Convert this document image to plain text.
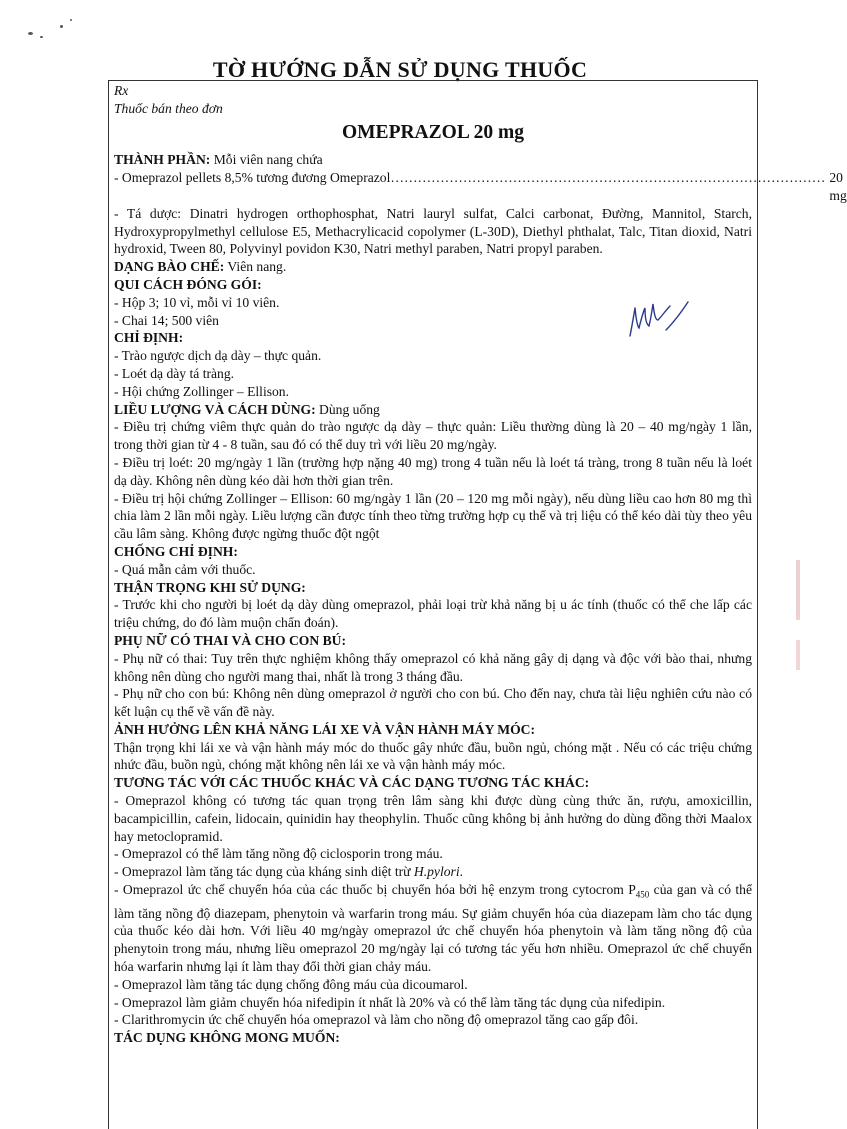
TỜ HƯỚNG DẪN SỬ DỤNG THUỐC
Rx
Thuốc bán theo đơn
OMEPRAZOL 20 mg
THÀNH PHẦN: Mỗi viên nang chứa
- Omeprazol pellets 8,5% tương đương Omeprazol…………………………………………………………………………………… 20 mg

- Tá dược: Dinatri hydrogen orthophosphat, Natri lauryl sulfat, Calci carbonat, Đường, Mannitol, Starch, Hydroxypropylmethyl cellulose E5, Methacrylicacid copolymer (L-30D), Diethyl phthalat, Talc, Titan dioxid, Natri hydroxid, Tween 80, Polyvinyl povidon K30, Natri methyl paraben, Natri propyl paraben.

DẠNG BÀO CHẾ: Viên nang.
QUI CÁCH ĐÓNG GÓI:

- Hộp 3; 10 vỉ, mỗi vỉ 10 viên.

- Chai 14; 500 viên

CHỈ ĐỊNH:

- Trào ngược dịch dạ dày – thực quản.

- Loét dạ dày tá tràng.

- Hội chứng Zollinger – Ellison.

LIỀU LƯỢNG VÀ CÁCH DÙNG: Dùng uống

- Điều trị chứng viêm thực quản do trào ngược dạ dày – thực quản: Liều thường dùng là 20 – 40 mg/ngày 1 lần, trong thời gian từ 4 - 8 tuần, sau đó có thể duy trì với liều 20 mg/ngày.

- Điều trị loét: 20 mg/ngày 1 lần (trường hợp nặng 40 mg) trong 4 tuần nếu là loét tá tràng, trong 8 tuần nếu là loét dạ dày. Không nên dùng kéo dài hơn thời gian trên.

- Điều trị hội chứng Zollinger – Ellison: 60 mg/ngày 1 lần (20 – 120 mg mỗi ngày), nếu dùng liều cao hơn 80 mg thì chia làm 2 lần mỗi ngày. Liều lượng cần được tính theo từng trường hợp cụ thể và trị liệu có thể kéo dài tùy theo yêu cầu lâm sàng. Không được ngừng thuốc đột ngột

CHỐNG CHỈ ĐỊNH:

- Quá mẫn cảm với thuốc.

THẬN TRỌNG KHI SỬ DỤNG:

- Trước khi cho người bị loét dạ dày dùng omeprazol, phải loại trừ khả năng bị u ác tính (thuốc có thể che lấp các triệu chứng, do đó làm muộn chẩn đoán).

PHỤ NỮ CÓ THAI VÀ CHO CON BÚ:

- Phụ nữ có thai: Tuy trên thực nghiệm không thấy omeprazol có khả năng gây dị dạng và độc với bào thai, nhưng không nên dùng cho người mang thai, nhất là trong 3 tháng đầu.

- Phụ nữ cho con bú: Không nên dùng omeprazol ở người cho con bú. Cho đến nay, chưa tài liệu nghiên cứu nào có kết luận cụ thể về vấn đề này.

ẢNH HƯỞNG LÊN KHẢ NĂNG LÁI XE VÀ VẬN HÀNH MÁY MÓC:

Thận trọng khi lái xe và vận hành máy móc do thuốc gây nhức đầu, buồn ngủ, chóng mặt . Nếu có các triệu chứng nhức đầu, buồn ngủ, chóng mặt không nên lái xe và vận hành máy móc.

TƯƠNG TÁC VỚI CÁC THUỐC KHÁC VÀ CÁC DẠNG TƯƠNG TÁC KHÁC:

- Omeprazol không có tương tác quan trọng trên lâm sàng khi được dùng cùng thức ăn, rượu, amoxicillin, bacampicillin, cafein, lidocain, quinidin hay theophylin. Thuốc cũng không bị ảnh hưởng do dùng đồng thời Maalox hay metoclopramid.

- Omeprazol có thể làm tăng nồng độ ciclosporin trong máu.

- Omeprazol làm tăng tác dụng của kháng sinh diệt trừ H.pylori.

- Omeprazol ức chế chuyển hóa của các thuốc bị chuyển hóa bởi hệ enzym trong cytocrom $P_{450}$ của gan và có thể làm tăng nồng độ diazepam, phenytoin và warfarin trong máu. Sự giảm chuyển hóa của diazepam làm cho tác dụng của thuốc kéo dài hơn. Với liều 40 mg/ngày omeprazol ức chế chuyển hóa phenytoin và làm tăng nồng độ của phenytoin trong máu, nhưng liều omeprazol 20 mg/ngày lại có tương tác yếu hơn nhiều. Omeprazol ức chế chuyển hóa warfarin nhưng lại ít làm thay đổi thời gian chảy máu.

- Omeprazol làm tăng tác dụng chống đông máu của dicoumarol.

- Omeprazol làm giảm chuyển hóa nifedipin ít nhất là 20% và có thể làm tăng tác dụng của nifedipin.

- Clarithromycin ức chế chuyển hóa omeprazol và làm cho nồng độ omeprazol tăng cao gấp đôi.

TÁC DỤNG KHÔNG MONG MUỐN:
